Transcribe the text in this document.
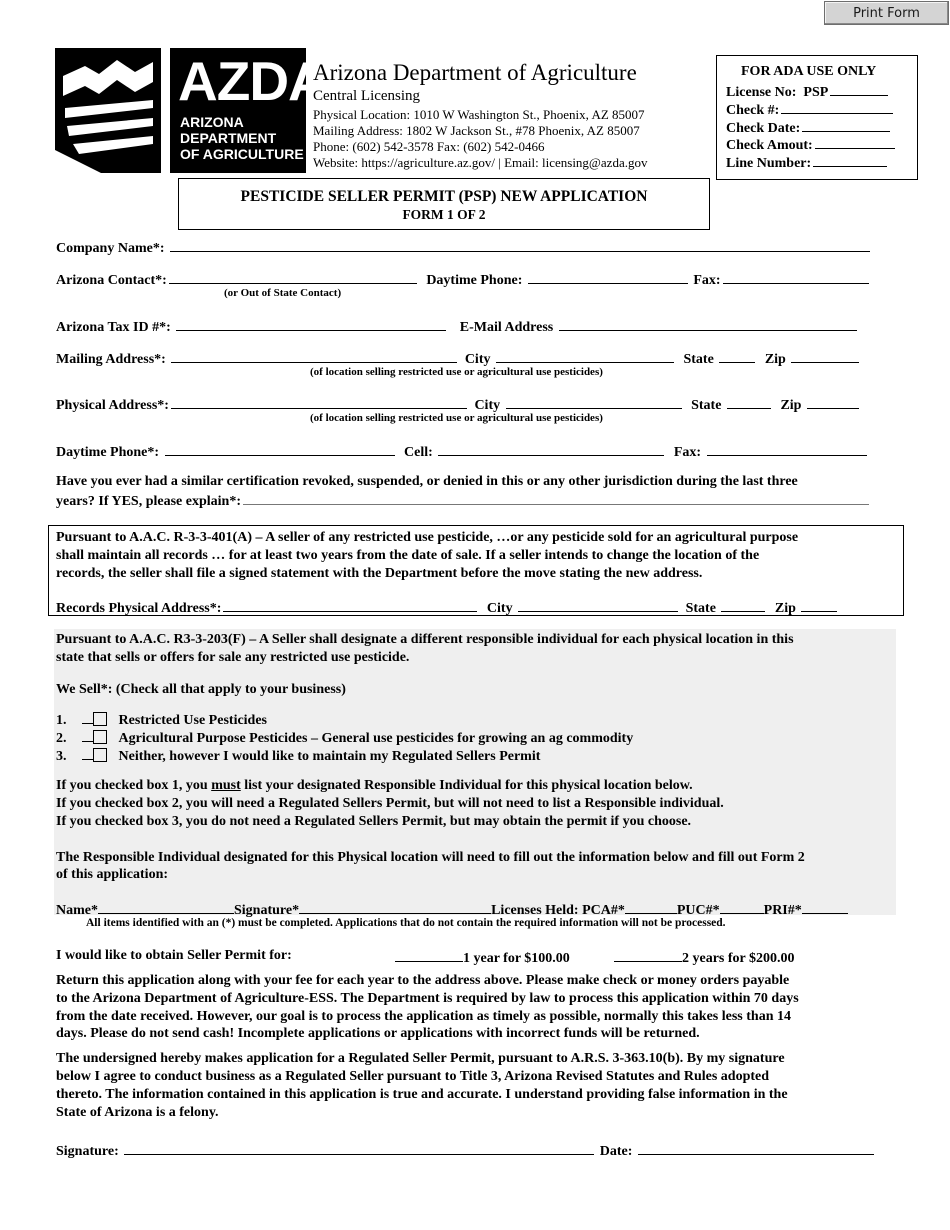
Print Form
AZDA
ARIZONA
DEPARTMENT
OF AGRICULTURE
Arizona Department of Agriculture
Central Licensing
Physical Location: 1010 W Washington St., Phoenix, AZ 85007
Mailing Address: 1802 W Jackson St., #78 Phoenix, AZ 85007
Phone: (602) 542-3578 Fax: (602) 542-0466
Website: https://agriculture.az.gov/ | Email: licensing@azda.gov
FOR ADA USE ONLY
License No: PSP
Check #:
Check Date:
Check Amout:
Line Number:
PESTICIDE SELLER PERMIT (PSP) NEW APPLICATION
FORM 1 OF 2
Company Name*:
Arizona Contact*:	Daytime Phone:	Fax:
(or Out of State Contact)
Arizona Tax ID #*:	E-Mail Address
Mailing Address*:	City	State	Zip
(of location selling restricted use or agricultural use pesticides)
Physical Address*:	City	State	Zip
(of location selling restricted use or agricultural use pesticides)
Daytime Phone*:	Cell:	Fax:
Have you ever had a similar certification revoked, suspended, or denied in this or any other jurisdiction during the last three
years? If YES, please explain*:
Pursuant to A.A.C. R-3-3-401(A) – A seller of any restricted use pesticide, …or any pesticide sold for an agricultural purpose
shall maintain all records … for at least two years from the date of sale. If a seller intends to change the location of the
records, the seller shall file a signed statement with the Department before the move stating the new address.
Records Physical Address*:	City	State	Zip
Pursuant to A.A.C. R3-3-203(F) – A Seller shall designate a different responsible individual for each physical location in this
state that sells or offers for sale any restricted use pesticide.
We Sell*: (Check all that apply to your business)
1.	Restricted Use Pesticides
2.	Agricultural Purpose Pesticides – General use pesticides for growing an ag commodity
3.	Neither, however I would like to maintain my Regulated Sellers Permit
If you checked box 1, you must list your designated Responsible Individual for this physical location below.
If you checked box 2, you will need a Regulated Sellers Permit, but will not need to list a Responsible individual.
If you checked box 3, you do not need a Regulated Sellers Permit, but may obtain the permit if you choose.
The Responsible Individual designated for this Physical location will need to fill out the information below and fill out Form 2
of this application:
Name*	Signature*	Licenses Held: PCA#*	PUC#*	PRI#*
All items identified with an (*) must be completed. Applications that do not contain the required information will not be processed.
I would like to obtain Seller Permit for:	1 year for $100.00	2 years for $200.00
Return this application along with your fee for each year to the address above. Please make check or money orders payable
to the Arizona Department of Agriculture-ESS. The Department is required by law to process this application within 70 days
from the date received. However, our goal is to process the application as timely as possible, normally this takes less than 14
days. Please do not send cash! Incomplete applications or applications with incorrect funds will be returned.
The undersigned hereby makes application for a Regulated Seller Permit, pursuant to A.R.S. 3-363.10(b). By my signature
below I agree to conduct business as a Regulated Seller pursuant to Title 3, Arizona Revised Statutes and Rules adopted
thereto. The information contained in this application is true and accurate. I understand providing false information in the
State of Arizona is a felony.
Signature:	Date:
